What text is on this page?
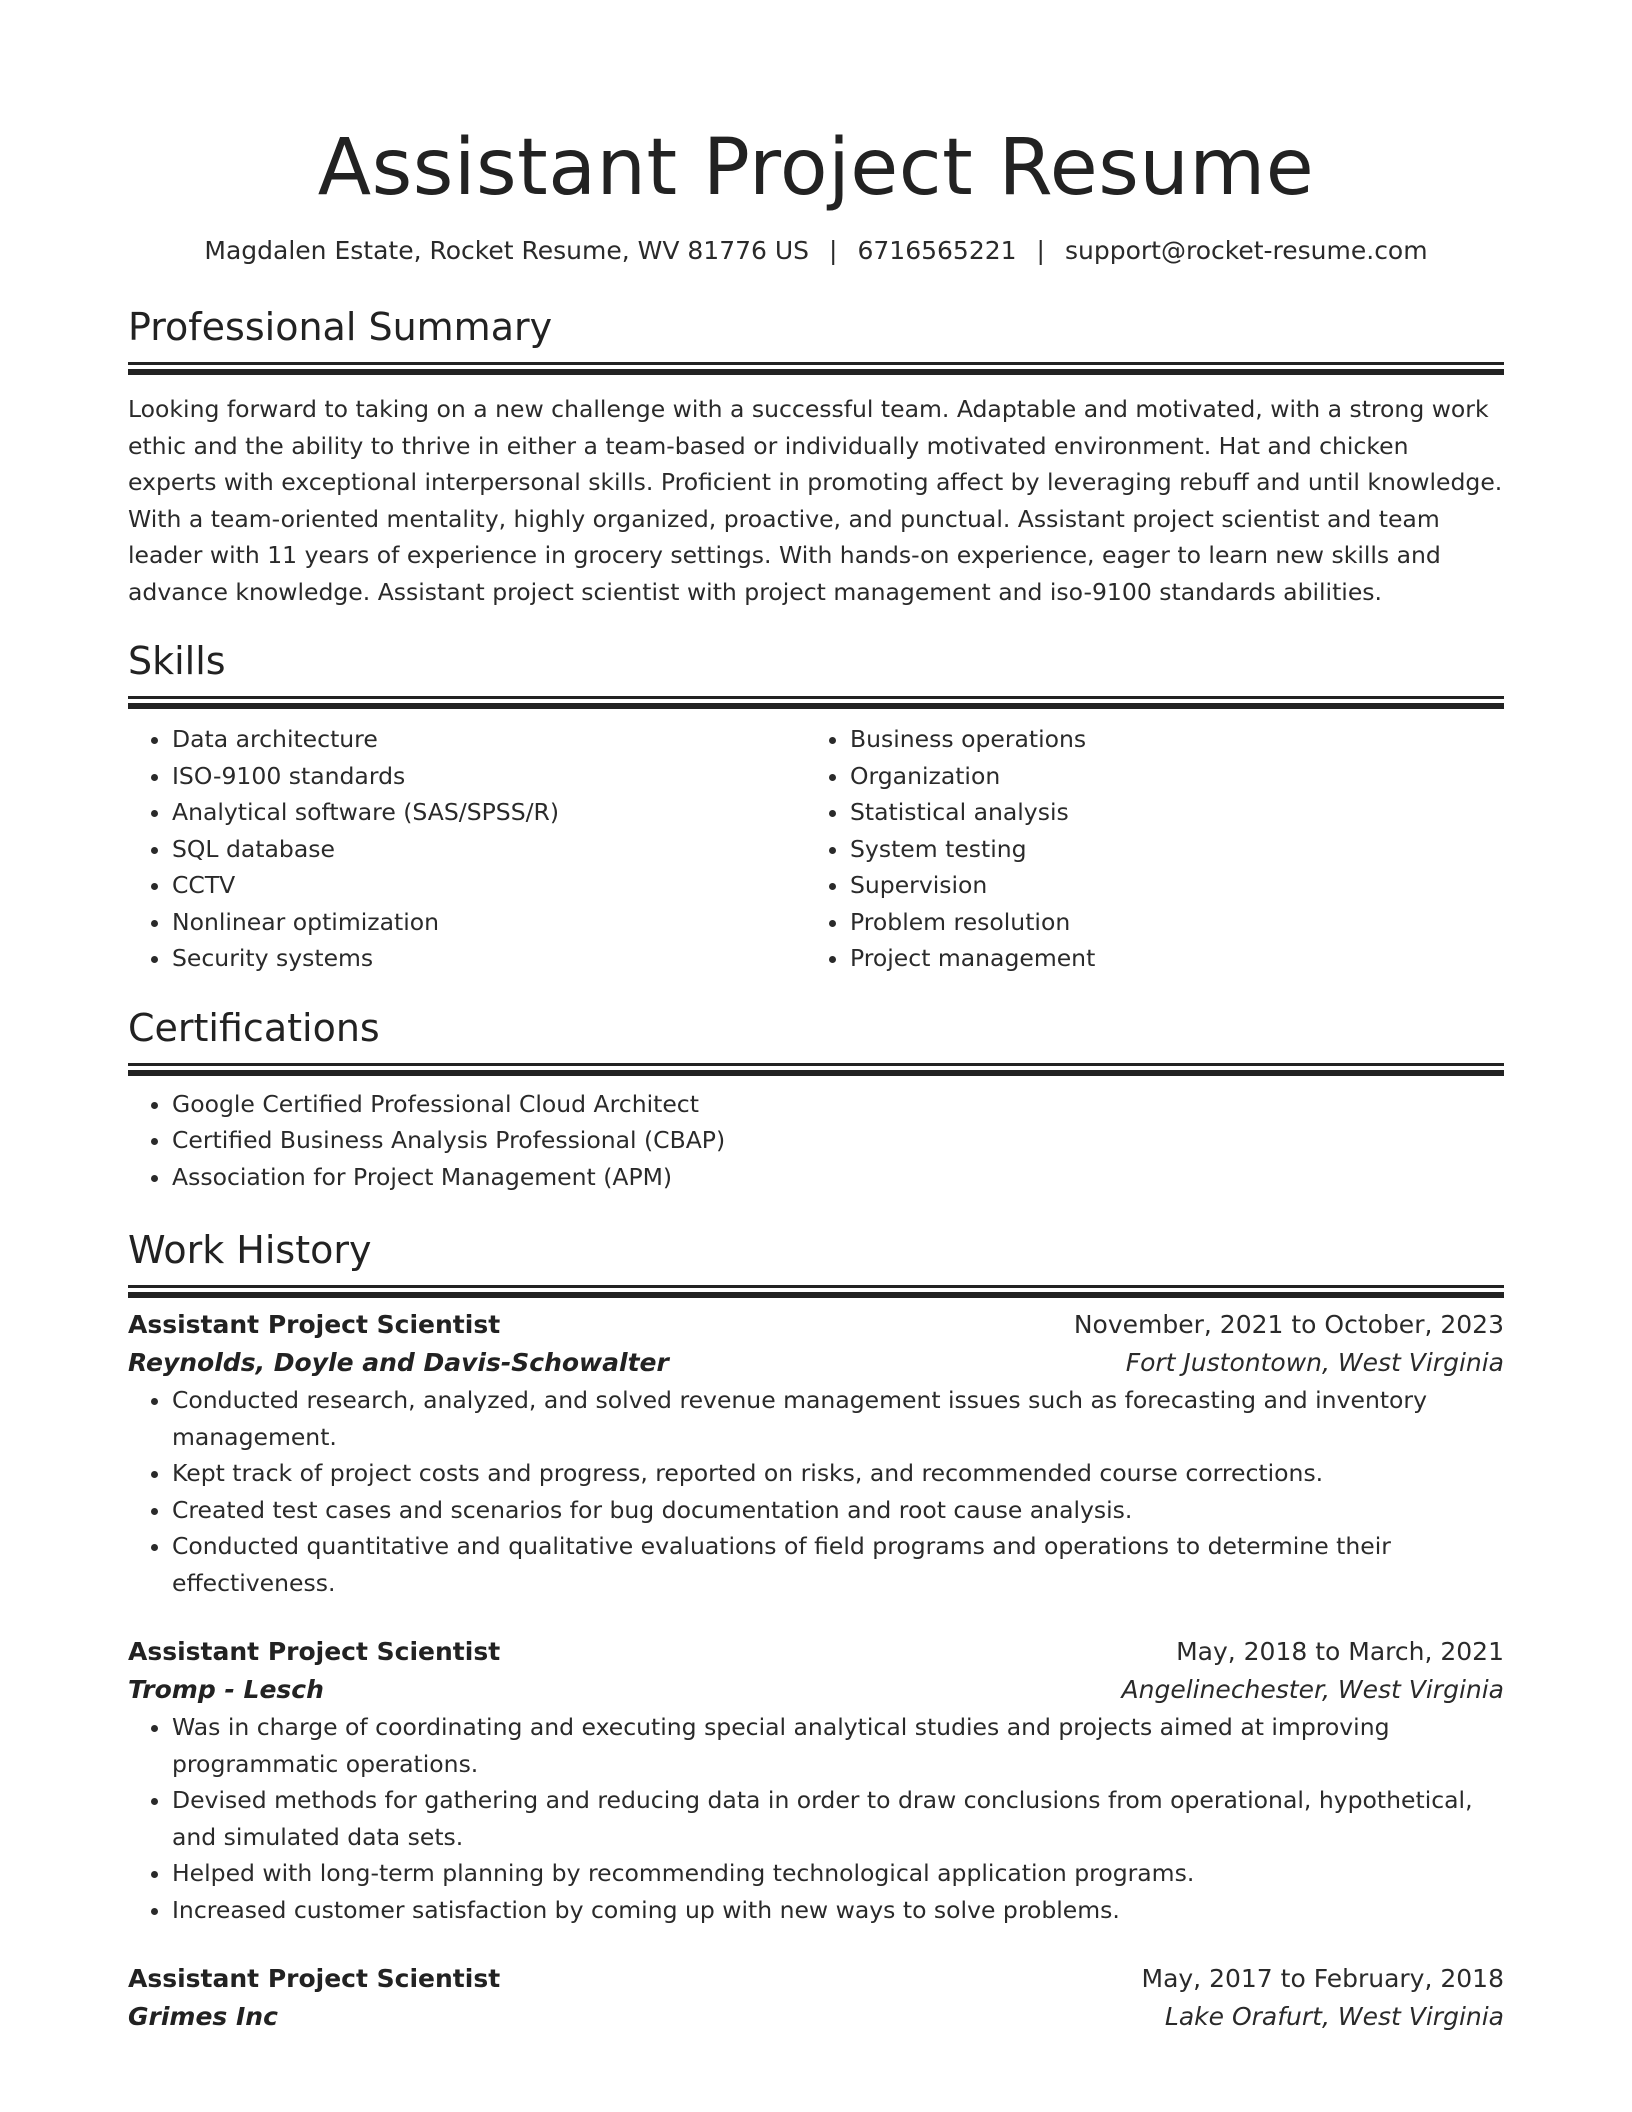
Assistant Project Resume
Magdalen Estate, Rocket Resume, WV 81776 US | 6716565221 | support@rocket-resume.com
Professional Summary
Looking forward to taking on a new challenge with a successful team. Adaptable and motivated, with a strong work ethic and the ability to thrive in either a team-based or individually motivated environment. Hat and chicken experts with exceptional interpersonal skills. Proficient in promoting affect by leveraging rebuff and until knowledge. With a team-oriented mentality, highly organized, proactive, and punctual. Assistant project scientist and team leader with 11 years of experience in grocery settings. With hands-on experience, eager to learn new skills and advance knowledge. Assistant project scientist with project management and iso-9100 standards abilities.
Skills
• Data architecture
• ISO-9100 standards
• Analytical software (SAS/SPSS/R)
• SQL database
• CCTV
• Nonlinear optimization
• Security systems
• Business operations
• Organization
• Statistical analysis
• System testing
• Supervision
• Problem resolution
• Project management
Certifications
• Google Certified Professional Cloud Architect
• Certified Business Analysis Professional (CBAP)
• Association for Project Management (APM)
Work History
Assistant Project Scientist	November, 2021 to October, 2023
Reynolds, Doyle and Davis-Schowalter	Fort Justontown, West Virginia
• Conducted research, analyzed, and solved revenue management issues such as forecasting and inventory management.
• Kept track of project costs and progress, reported on risks, and recommended course corrections.
• Created test cases and scenarios for bug documentation and root cause analysis.
• Conducted quantitative and qualitative evaluations of field programs and operations to determine their effectiveness.
Assistant Project Scientist	May, 2018 to March, 2021
Tromp - Lesch	Angelinechester, West Virginia
• Was in charge of coordinating and executing special analytical studies and projects aimed at improving programmatic operations.
• Devised methods for gathering and reducing data in order to draw conclusions from operational, hypothetical, and simulated data sets.
• Helped with long-term planning by recommending technological application programs.
• Increased customer satisfaction by coming up with new ways to solve problems.
Assistant Project Scientist	May, 2017 to February, 2018
Grimes Inc	Lake Orafurt, West Virginia
